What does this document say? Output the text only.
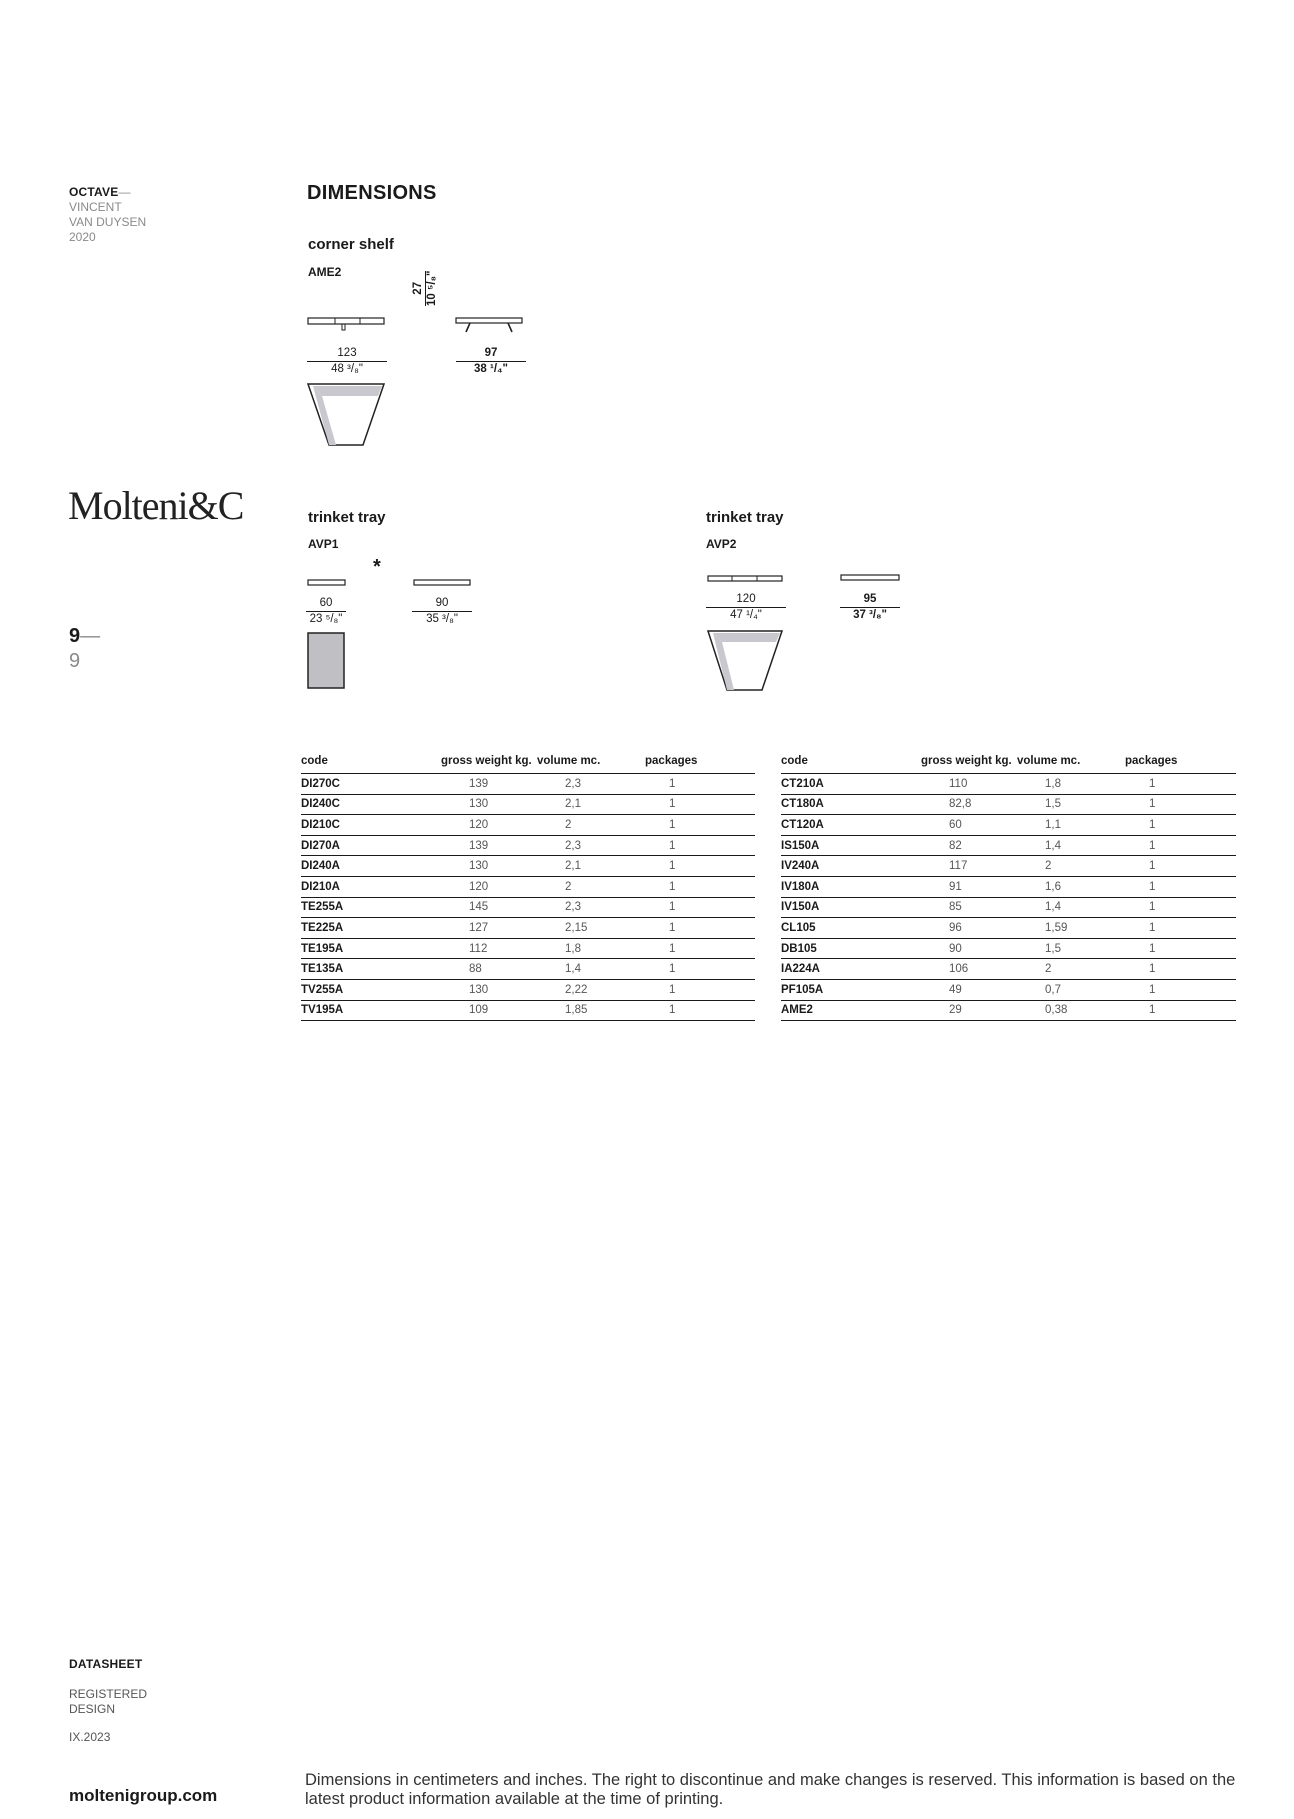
OCTAVE—
VINCENT
VAN DUYSEN
2020
Molteni&C
9—
9
DATASHEET
REGISTERED
DESIGN
IX.2023
moltenigroup.com
DIMENSIONS
corner shelf
AME2
27 10 ⁵/₈"
123
48 ³/₈"
97
38 ¹/₄"
trinket tray
AVP1
*
60
23 ⁵/₈"
90
35 ³/₈"
trinket tray
AVP2
120
47 ¹/₄"
95
37 ³/₈"
code	gross weight kg.	volume mc.	packages
DI270C	139	2,3	1
DI240C	130	2,1	1
DI210C	120	2	1
DI270A	139	2,3	1
DI240A	130	2,1	1
DI210A	120	2	1
TE255A	145	2,3	1
TE225A	127	2,15	1
TE195A	112	1,8	1
TE135A	88	1,4	1
TV255A	130	2,22	1
TV195A	109	1,85	1
code	gross weight kg.	volume mc.	packages
CT210A	110	1,8	1
CT180A	82,8	1,5	1
CT120A	60	1,1	1
IS150A	82	1,4	1
IV240A	117	2	1
IV180A	91	1,6	1
IV150A	85	1,4	1
CL105	96	1,59	1
DB105	90	1,5	1
IA224A	106	2	1
PF105A	49	0,7	1
AME2	29	0,38	1
Dimensions in centimeters and inches. The right to discontinue and make changes is reserved. This information is based on the latest product information available at the time of printing.
